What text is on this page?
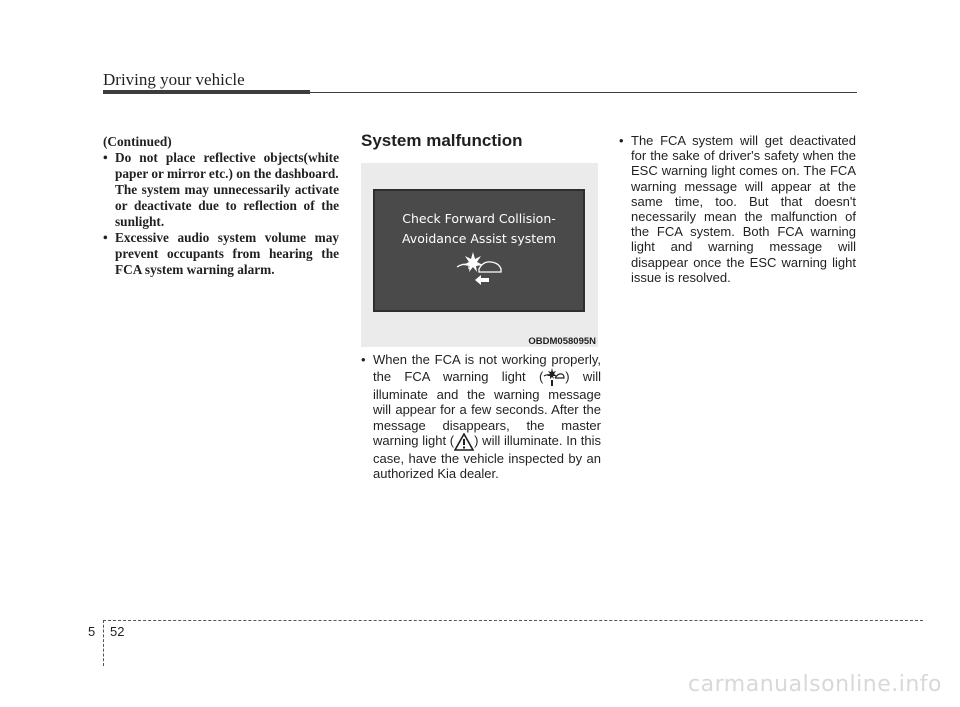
Driving your vehicle

(Continued)

• Do not place reflective objects(white paper or mirror etc.) on the dashboard.

The system may unnecessarily activate or deactivate due to reflection of the sunlight.

• Excessive audio system volume may prevent occupants from hearing the FCA system warning alarm.

System malfunction
Check Forward Collision-
Avoidance Assist system
OBDM058095N
• When the FCA is not working properly, the FCA warning light ( ) will illuminate and the warning message will appear for a few seconds. After the message disappears, the master warning light ( ) will illuminate. In this case, have the vehicle inspected by an authorized Kia dealer.
• The FCA system will get deactivated for the sake of driver's safety when the ESC warning light comes on. The FCA warning message will appear at the same time, too. But that doesn't necessarily mean the malfunction of the FCA system. Both FCA warning light and warning message will disappear once the ESC warning light issue is resolved.
5 52
carmanualsonline.info
